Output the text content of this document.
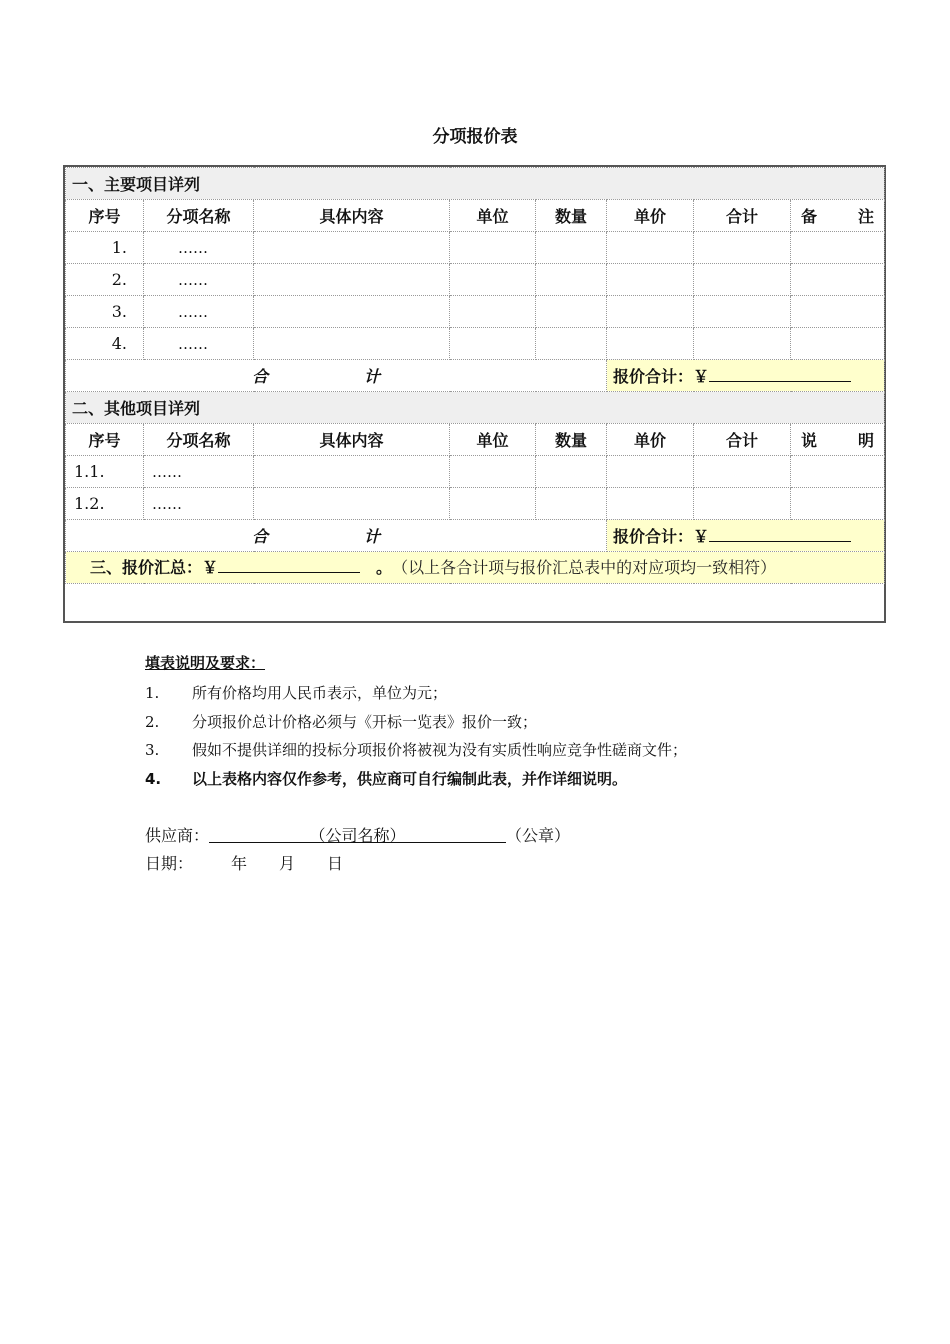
分项报价表
一、主要项目详列							
序号	分项名称	具体内容	单位	数量	单价	合计	备　注
1.	……						
2.	……						
3.	……						
4.	……						
合　计					报价合计：￥		
二、其他项目详列							
序号	分项名称	具体内容	单位	数量	单价	合计	说　明
1.1.	……						
1.2.	……						
合　计					报价合计：￥		
三、报价汇总：￥　 。　 （以上各合计项与报价汇总表中的对应项均一致相符）							
填表说明及要求：
1. 所有价格均用人民币表示，单位为元；
2. 分项报价总计价格必须与《开标一览表》报价一致；
3. 假如不提供详细的投标分项报价将被视为没有实质性响应竞争性磋商文件；
4. 以上表格内容仅作参考，供应商可自行编制此表，并作详细说明。
供应商：	（公司名称）	（公章）
日期： 年　　月　　日
